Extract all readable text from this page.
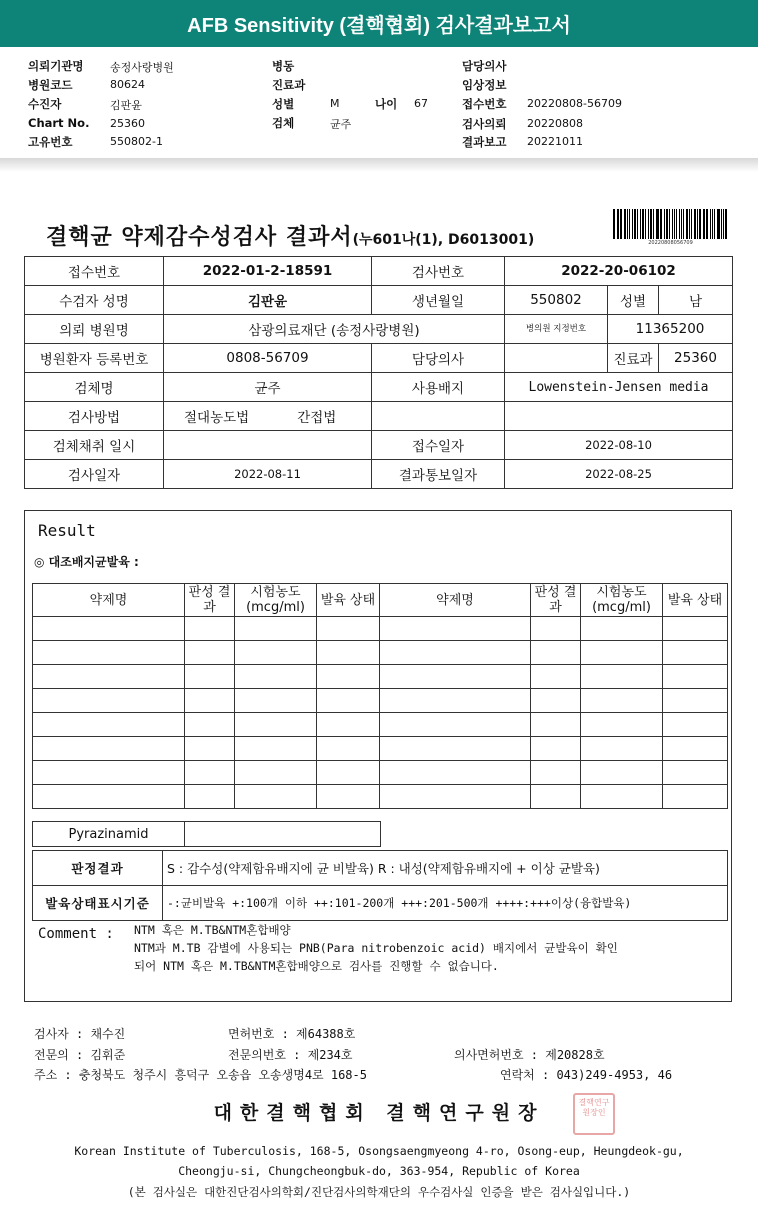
AFB Sensitivity (결핵협회) 검사결과보고서
의뢰기관명 송정사랑병원
병원코드	80624
수진자	김판윤
Chart No. 25360
고유번호	550802-1
병동
진료과
성별	M	나이 67
검체	균주
담당의사
임상정보
접수번호 20220808-56709
검사의뢰 20220808
결과보고 20221011
결핵균 약제감수성검사 결과서(누601나(1), D6013001)	20220808056709
접수번호	2022-01-2-18591	검사번호	2022-20-06102		
수검자 성명	김판윤	생년월일	550802	성별	남
의뢰 병원명	삼광의료재단 (송정사랑병원)		병의원 지정번호	11365200	
병원환자 등록번호	0808-56709	담당의사		진료과	25360
검체명	균주	사용배지	Lowenstein-Jensen media		
검사방법	절대농도법 간접법				
검체채취 일시		접수일자	2022-08-10		
검사일자	2022-08-11	결과통보일자	2022-08-25		
Result
◎ 대조배지균발육 :
약제명	판성 결과	시험농도 (mcg/ml)	발육 상태	약제명	판성 결과	시험농도 (mcg/ml)	발육 상태

Pyrazinamid	
판정결과	S : 감수성(약제함유배지에 균 비발육) R : 내성(약제함유배지에 + 이상 균발육)
발육상태표시기준	-:균비발육 +:100개 이하 ++:101-200개 +++:201-500개 ++++:+++이상(융합발육)
Comment : NTM 혹은 M.TB&NTM혼합배양
NTM과 M.TB 감별에 사용되는 PNB(Para nitrobenzoic acid) 배지에서 균발육이 확인
되어 NTM 혹은 M.TB&NTM혼합배양으로 검사를 진행할 수 없습니다.
검사자 : 채수진	면허번호 : 제64388호
전문의 : 김휘준	전문의번호 : 제234호	의사면허번호 : 제20828호
주소 : 충청북도 청주시 흥덕구 오송읍 오송생명4로 168-5	연락처 : 043)249-4953, 46
대한결핵협회 결핵연구원장	결핵연구원장인
Korean Institute of Tuberculosis, 168-5, Osongsaengmyeong 4-ro, Osong-eup, Heungdeok-gu,
Cheongju-si, Chungcheongbuk-do, 363-954, Republic of Korea
(본 검사실은 대한진단검사의학회/진단검사의학재단의 우수검사실 인증을 받은 검사실입니다.)
